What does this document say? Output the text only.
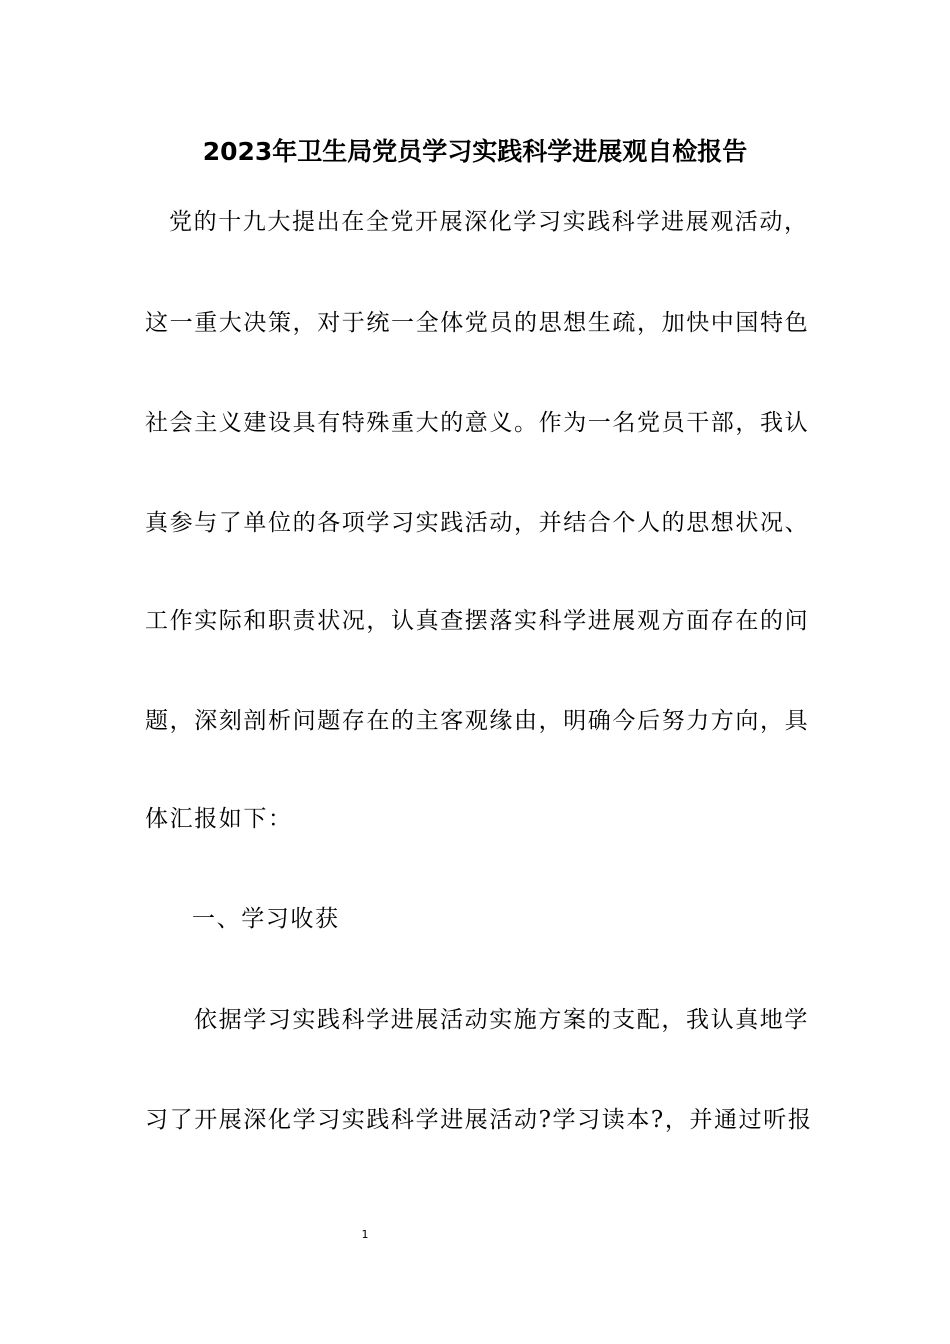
2023年卫生局党员学习实践科学进展观自检报告
党的十九大提出在全党开展深化学习实践科学进展观活动，
这一重大决策，对于统一全体党员的思想生疏，加快中国特色
社会主义建设具有特殊重大的意义。作为一名党员干部，我认
真参与了单位的各项学习实践活动，并结合个人的思想状况、
工作实际和职责状况，认真查摆落实科学进展观方面存在的问
题，深刻剖析问题存在的主客观缘由，明确今后努力方向，具
体汇报如下：
一、学习收获
依据学习实践科学进展活动实施方案的支配，我认真地学
习了开展深化学习实践科学进展活动?学习读本?，并通过听报
1
